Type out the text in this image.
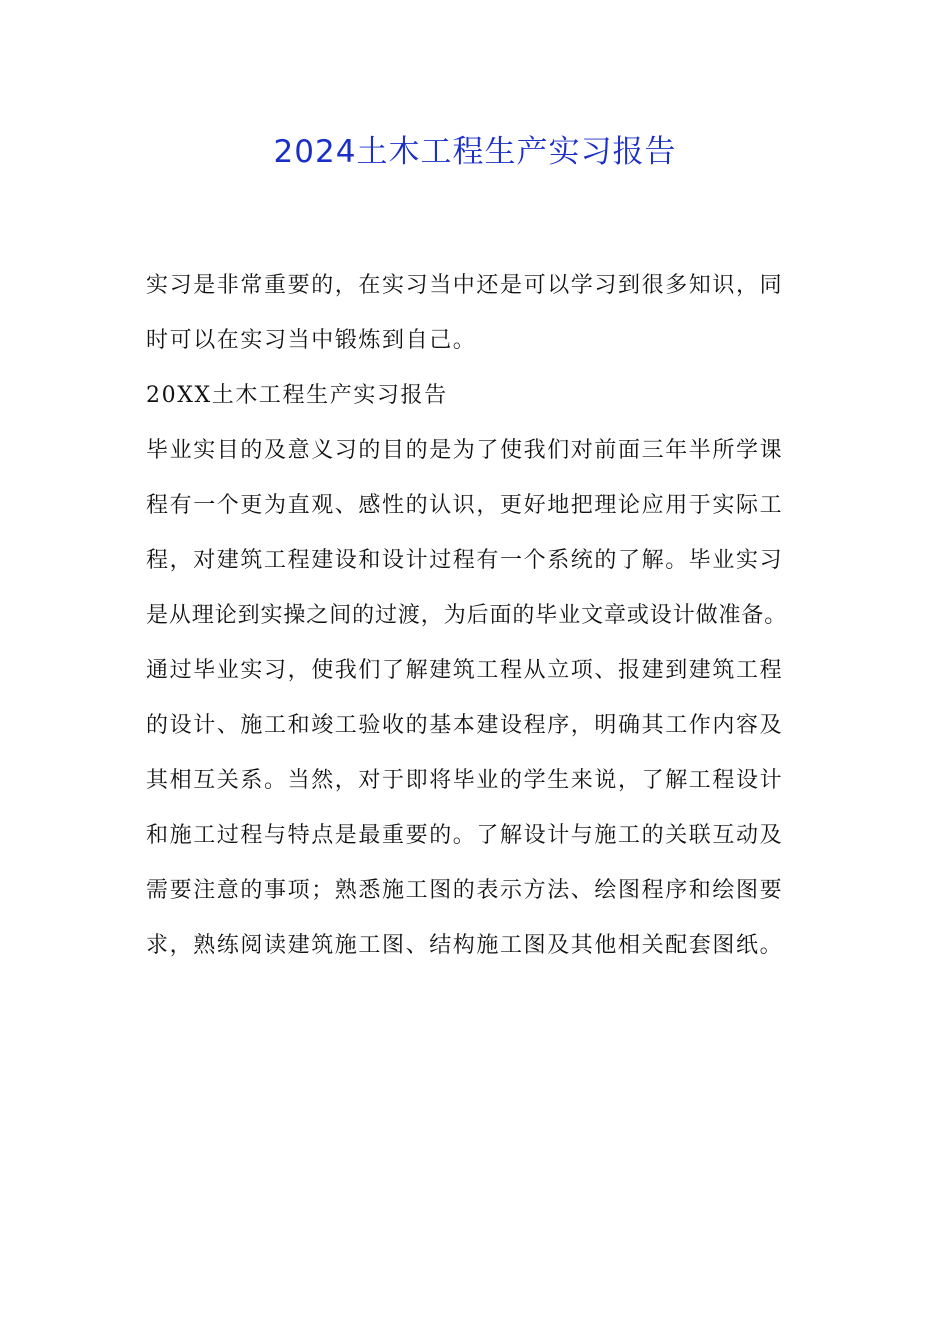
2024土木工程生产实习报告
实习是非常重要的，在实习当中还是可以学习到很多知识，同
时可以在实习当中锻炼到自己。
20XX土木工程生产实习报告
毕业实目的及意义习的目的是为了使我们对前面三年半所学课
程有一个更为直观、感性的认识，更好地把理论应用于实际工
程，对建筑工程建设和设计过程有一个系统的了解。毕业实习
是从理论到实操之间的过渡，为后面的毕业文章或设计做准备。
通过毕业实习，使我们了解建筑工程从立项、报建到建筑工程
的设计、施工和竣工验收的基本建设程序，明确其工作内容及
其相互关系。当然，对于即将毕业的学生来说，了解工程设计
和施工过程与特点是最重要的。了解设计与施工的关联互动及
需要注意的事项；熟悉施工图的表示方法、绘图程序和绘图要
求，熟练阅读建筑施工图、结构施工图及其他相关配套图纸。
